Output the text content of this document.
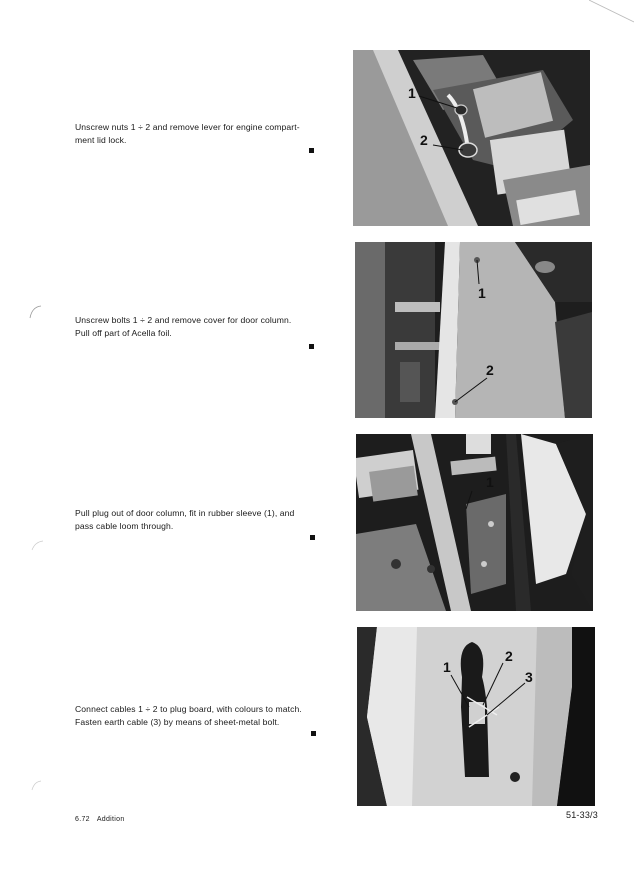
Unscrew nuts 1 ÷ 2 and remove lever for engine compart-

ment lid lock.

1
2

Unscrew bolts 1 ÷ 2 and remove cover for door column.

Pull off part of Acella foil.

1
2

Pull plug out of door column, fit in rubber sleeve (1), and

pass cable loom through.

1

Connect cables 1 ÷ 2 to plug board, with colours to match.

Fasten earth cable (3) by means of sheet-metal bolt.

1
2
3
6.72 Addition	51-33/3
